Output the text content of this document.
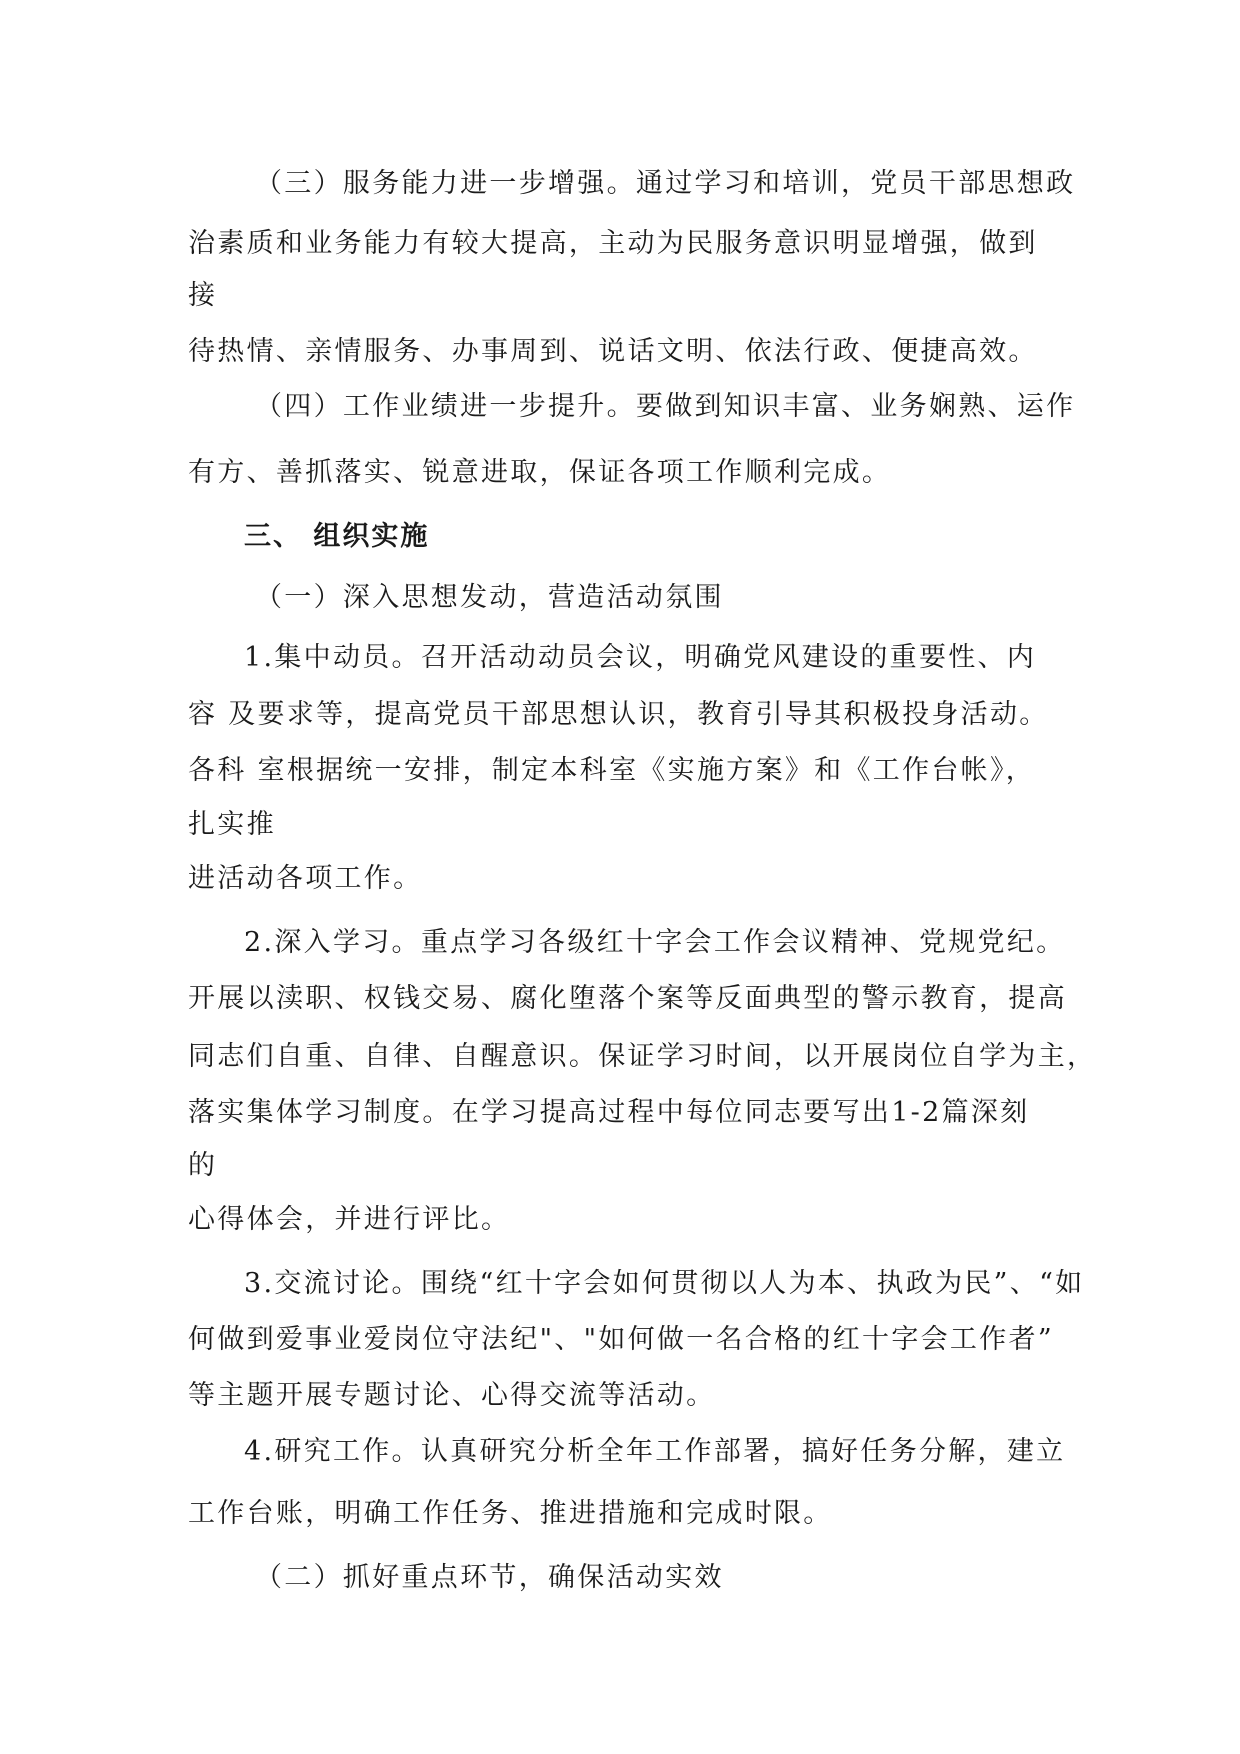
（三）服务能力进一步增强。通过学习和培训，党员干部思想政
治素质和业务能力有较大提高，主动为民服务意识明显增强，做到
接
待热情、亲情服务、办事周到、说话文明、依法行政、便捷高效。
（四）工作业绩进一步提升。要做到知识丰富、业务娴熟、运作
有方、善抓落实、锐意进取，保证各项工作顺利完成。
三、 组织实施
（一）深入思想发动，营造活动氛围
1.集中动员。召开活动动员会议，明确党风建设的重要性、内
容 及要求等，提高党员干部思想认识，教育引导其积极投身活动。
各科 室根据统一安排，制定本科室《实施方案》和《工作台帐》，
扎实推
进活动各项工作。
2.深入学习。重点学习各级红十字会工作会议精神、党规党纪。
开展以渎职、权钱交易、腐化堕落个案等反面典型的警示教育，提高
同志们自重、自律、自醒意识。保证学习时间，以开展岗位自学为主，
落实集体学习制度。在学习提高过程中每位同志要写出1-2篇深刻
的
心得体会，并进行评比。
3.交流讨论。围绕“红十字会如何贯彻以人为本、执政为民”、“如
何做到爱事业爱岗位守法纪"、"如何做一名合格的红十字会工作者”
等主题开展专题讨论、心得交流等活动。
4.研究工作。认真研究分析全年工作部署，搞好任务分解，建立
工作台账，明确工作任务、推进措施和完成时限。
（二）抓好重点环节，确保活动实效
